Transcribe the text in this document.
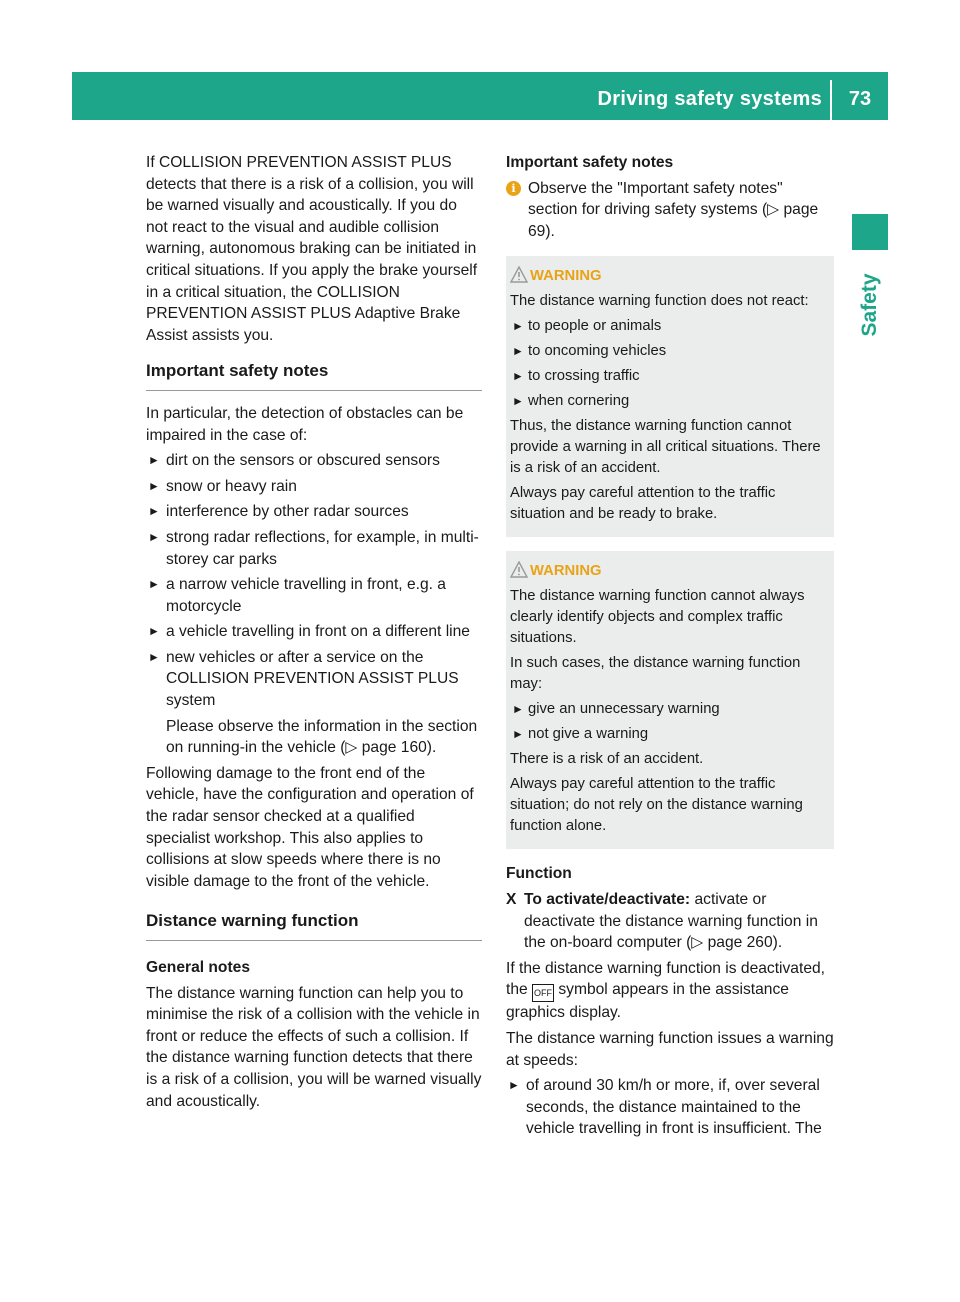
Driving safety systems	73
Safety

If COLLISION PREVENTION ASSIST PLUS detects that there is a risk of a collision, you will be warned visually and acoustically. If you do not react to the visual and audible collision warning, autonomous braking can be initiated in critical situations. If you apply the brake yourself in a critical situation, the COLLISION PREVENTION ASSIST PLUS Adaptive Brake Assist assists you.

Important safety notes

In particular, the detection of obstacles can be impaired in the case of:

► dirt on the sensors or obscured sensors
► snow or heavy rain
► interference by other radar sources
► strong radar reflections, for example, in multi-storey car parks
► a narrow vehicle travelling in front, e.g. a motorcycle
► a vehicle travelling in front on a different line
► new vehicles or after a service on the COLLISION PREVENTION ASSIST PLUS system

Please observe the information in the section on running-in the vehicle (▷ page 160).

Following damage to the front end of the vehicle, have the configuration and operation of the radar sensor checked at a qualified specialist workshop. This also applies to collisions at slow speeds where there is no visible damage to the front of the vehicle.

Distance warning function
General notes

The distance warning function can help you to minimise the risk of a collision with the vehicle in front or reduce the effects of such a collision. If the distance warning function detects that there is a risk of a collision, you will be warned visually and acoustically.

Important safety notes
i Observe the "Important safety notes" section for driving safety systems (▷ page 69).
WARNING

The distance warning function does not react:

► to people or animals
► to oncoming vehicles
► to crossing traffic
► when cornering

Thus, the distance warning function cannot provide a warning in all critical situations. There is a risk of an accident.

Always pay careful attention to the traffic situation and be ready to brake.

WARNING

The distance warning function cannot always clearly identify objects and complex traffic situations.

In such cases, the distance warning function may:

► give an unnecessary warning
► not give a warning

There is a risk of an accident.

Always pay careful attention to the traffic situation; do not rely on the distance warning function alone.

Function
X To activate/deactivate: activate or deactivate the distance warning function in the on-board computer (▷ page 260).

If the distance warning function is deactivated, the OFF symbol appears in the assistance graphics display.

The distance warning function issues a warning at speeds:

► of around 30 km/h or more, if, over several seconds, the distance maintained to the vehicle travelling in front is insufficient. The
